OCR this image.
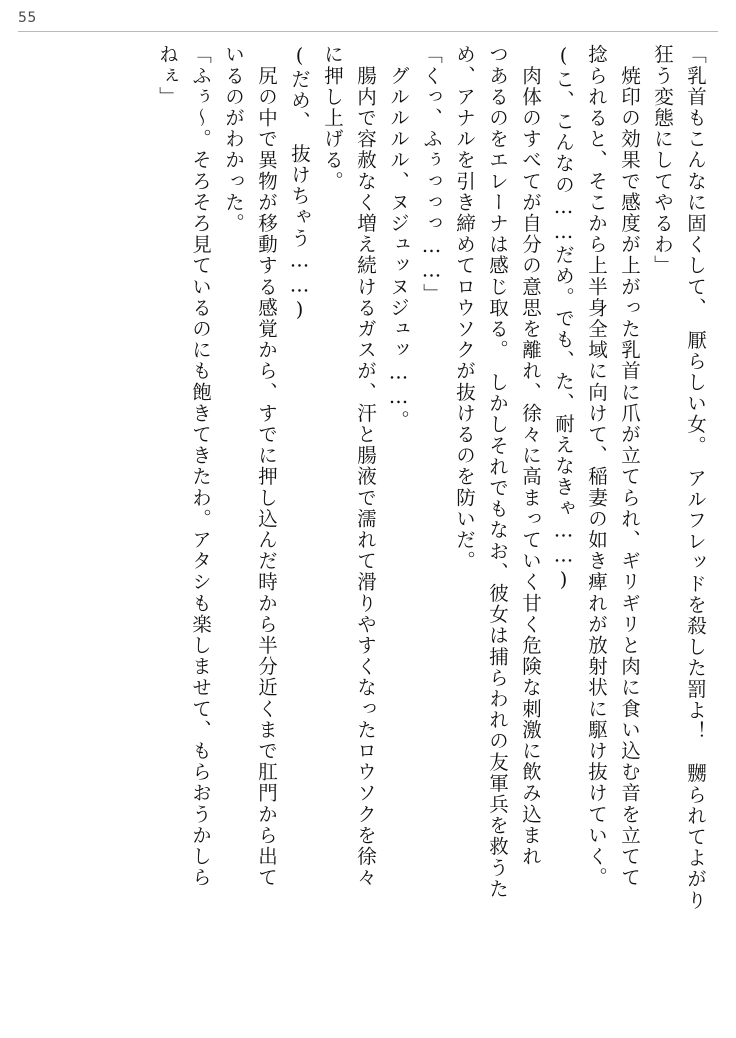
55
「乳首もこんなに固くして、　厭らしい女。　アルフレッドを殺した罰よ！　嬲られてよがり
狂う変態にしてやるわ」
　焼印の効果で感度が上がった乳首に爪が立てられ、ギリギリと肉に食い込む音を立てて
捻られると、そこから上半身全域に向けて、稲妻の如き痺れが放射状に駆け抜けていく。
(こ、こんなの……だめ。でも、た、耐えなきゃ……)
　肉体のすべてが自分の意思を離れ、徐々に高まっていく甘く危険な刺激に飲み込まれ
つあるのをエレーナは感じ取る。　しかしそれでもなお、彼女は捕らわれの友軍兵を救うた
め、アナルを引き締めてロウソクが抜けるのを防いだ。
「くっ、ふぅっっっ……」
　グルルルル、ヌジュッヌジュッ……。
　腸内で容赦なく増え続けるガスが、汗と腸液で濡れて滑りやすくなったロウソクを徐々
に押し上げる。
(だめ、　抜けちゃう……)
　尻の中で異物が移動する感覚から、すでに押し込んだ時から半分近くまで肛門から出て
いるのがわかった。
「ふぅ～。そろそろ見ているのにも飽きてきたわ。アタシも楽しませて、もらおうかしら
ねぇ」
